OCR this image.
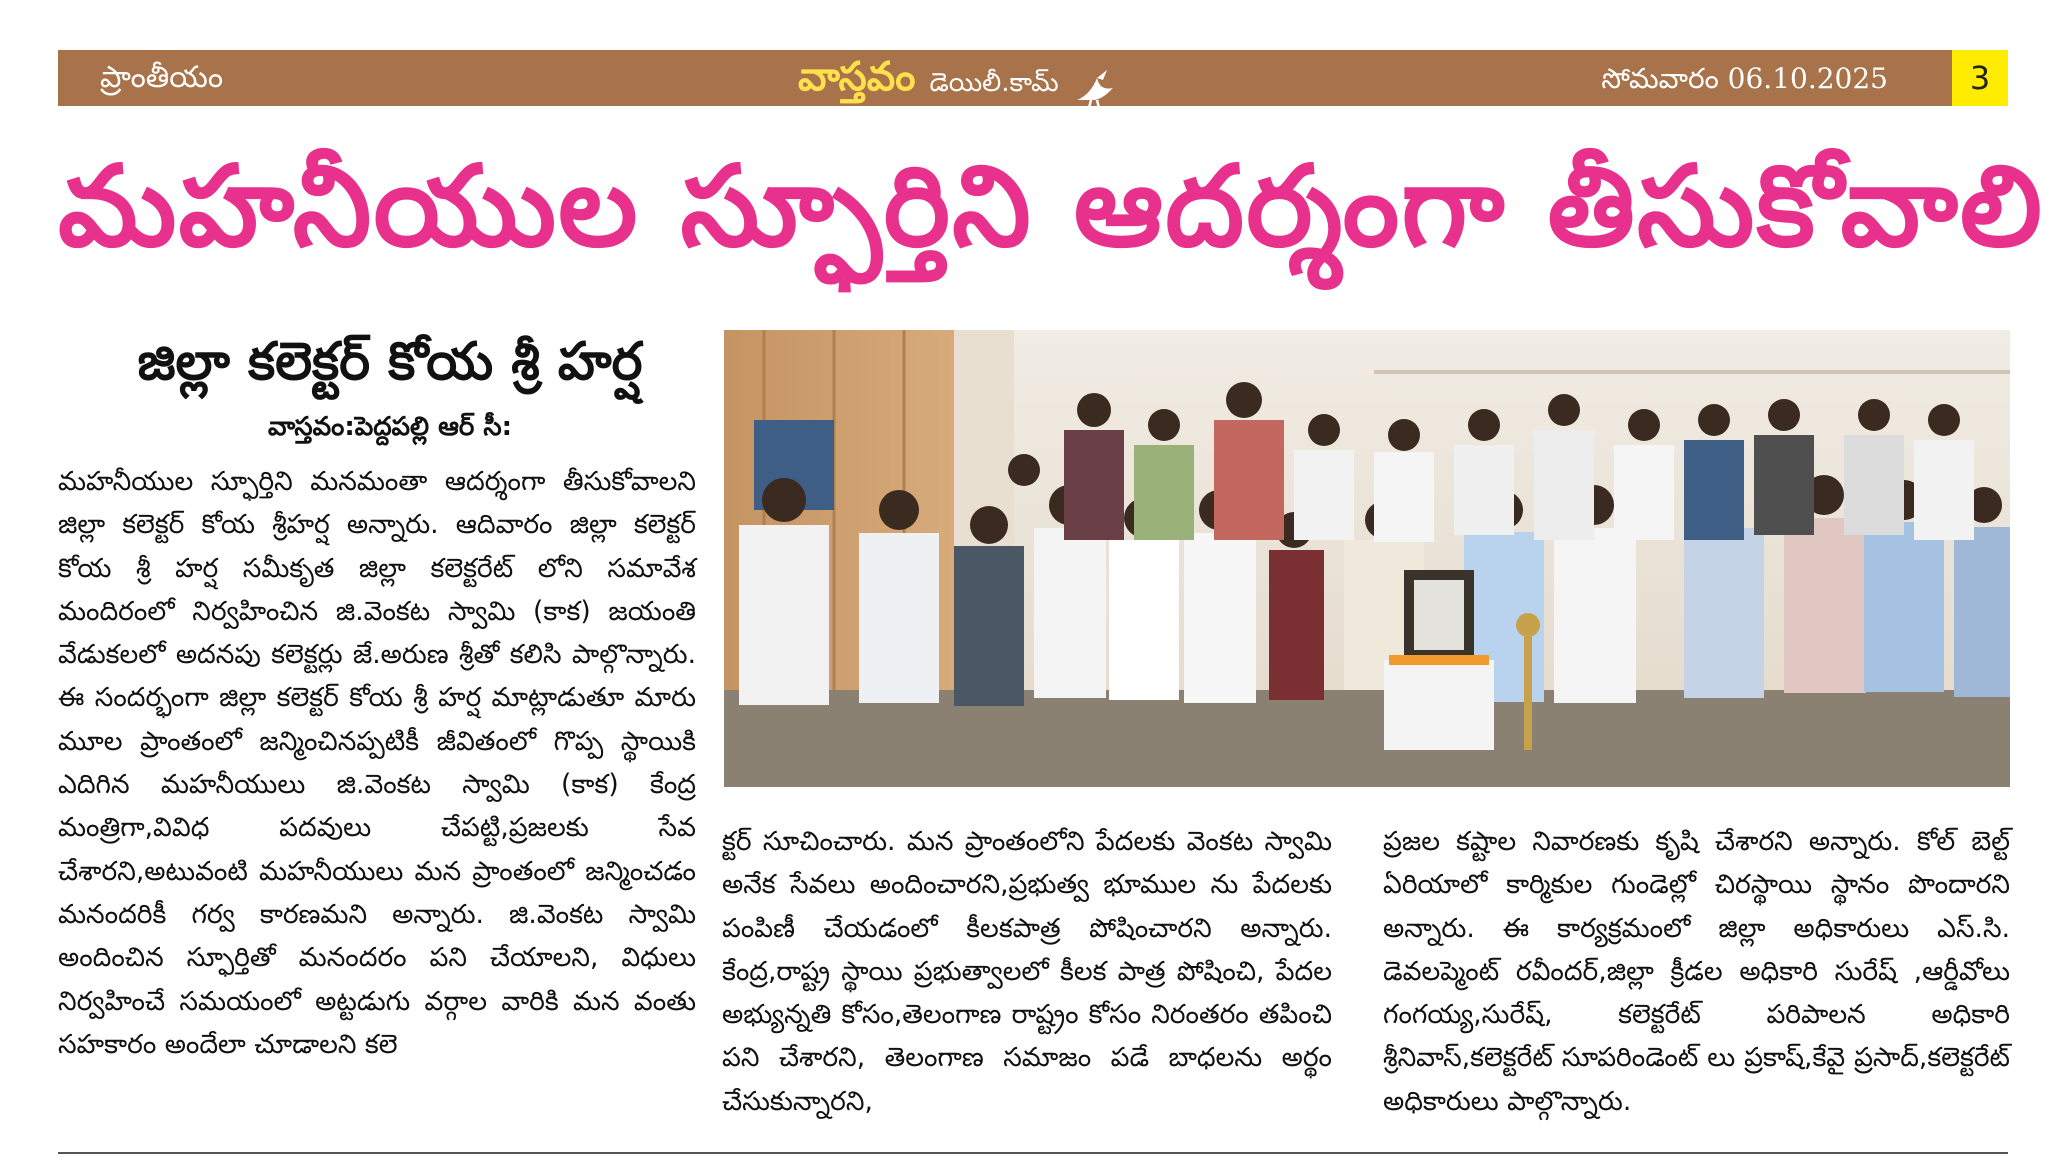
ప్రాంతీయం	వాస్తవం డెయిలీ.కామ్	సోమవారం 06.10.2025	3
మహనీయుల స్ఫూర్తిని ఆదర్శంగా తీసుకోవాలి
జిల్లా కలెక్టర్ కోయ శ్రీ హర్ష
వాస్తవం:పెద్దపల్లి ఆర్ సీ:
మహనీయుల స్ఫూర్తిని మనమంతా ఆదర్శంగా తీసుకోవాలని జిల్లా కలెక్టర్ కోయ శ్రీహర్ష అన్నారు. ఆదివారం జిల్లా కలెక్టర్ కోయ శ్రీ హర్ష సమీకృత జిల్లా కలెక్టరేట్ లోని సమావేశ మందిరంలో నిర్వహించిన జి.వెంకట స్వామి (కాక) జయంతి వేడుకలలో అదనపు కలెక్టర్లు జే.అరుణ శ్రీతో కలిసి పాల్గొన్నారు. ఈ సందర్భంగా జిల్లా కలెక్టర్ కోయ శ్రీ హర్ష మాట్లాడుతూ మారు మూల ప్రాంతంలో జన్మించినప్పటికీ జీవితంలో గొప్ప స్థాయికి ఎదిగిన మహనీయులు జి.వెంకట స్వామి (కాక) కేంద్ర మంత్రిగా,వివిధ పదవులు చేపట్టి,ప్రజలకు సేవ చేశారని,అటువంటి మహనీయులు మన ప్రాంతంలో జన్మించడం మనందరికీ గర్వ కారణమని అన్నారు. జి.వెంకట స్వామి అందించిన స్ఫూర్తితో మనందరం పని చేయాలని, విధులు నిర్వహించే సమయంలో అట్టడుగు వర్గాల వారికి మన వంతు సహకారం అందేలా చూడాలని కలె
క్టర్ సూచించారు. మన ప్రాంతంలోని పేదలకు వెంకట స్వామి అనేక సేవలు అందించారని,ప్రభుత్వ భూముల ను పేదలకు పంపిణీ చేయడంలో కీలకపాత్ర పోషించారని అన్నారు. కేంద్ర,రాష్ట్ర స్థాయి ప్రభుత్వాలలో కీలక పాత్ర పోషించి, పేదల అభ్యున్నతి కోసం,తెలంగాణ రాష్ట్రం కోసం నిరంతరం తపించి పని చేశారని, తెలంగాణ సమాజం పడే బాధలను అర్థం చేసుకున్నారని,
ప్రజల కష్టాల నివారణకు కృషి చేశారని అన్నారు. కోల్ బెల్ట్ ఏరియాలో కార్మికుల గుండెల్లో చిరస్థాయి స్థానం పొందారని అన్నారు. ఈ కార్యక్రమంలో జిల్లా అధికారులు ఎస్.సి. డెవలప్మెంట్ రవీందర్,జిల్లా క్రీడల అధికారి సురేష్ ,ఆర్డీవోలు గంగయ్య,సురేష్, కలెక్టరేట్ పరిపాలన అధికారి శ్రీనివాస్,కలెక్టరేట్ సూపరిండెంట్ లు ప్రకాష్,కేవై ప్రసాద్,కలెక్టరేట్ అధికారులు పాల్గొన్నారు.
